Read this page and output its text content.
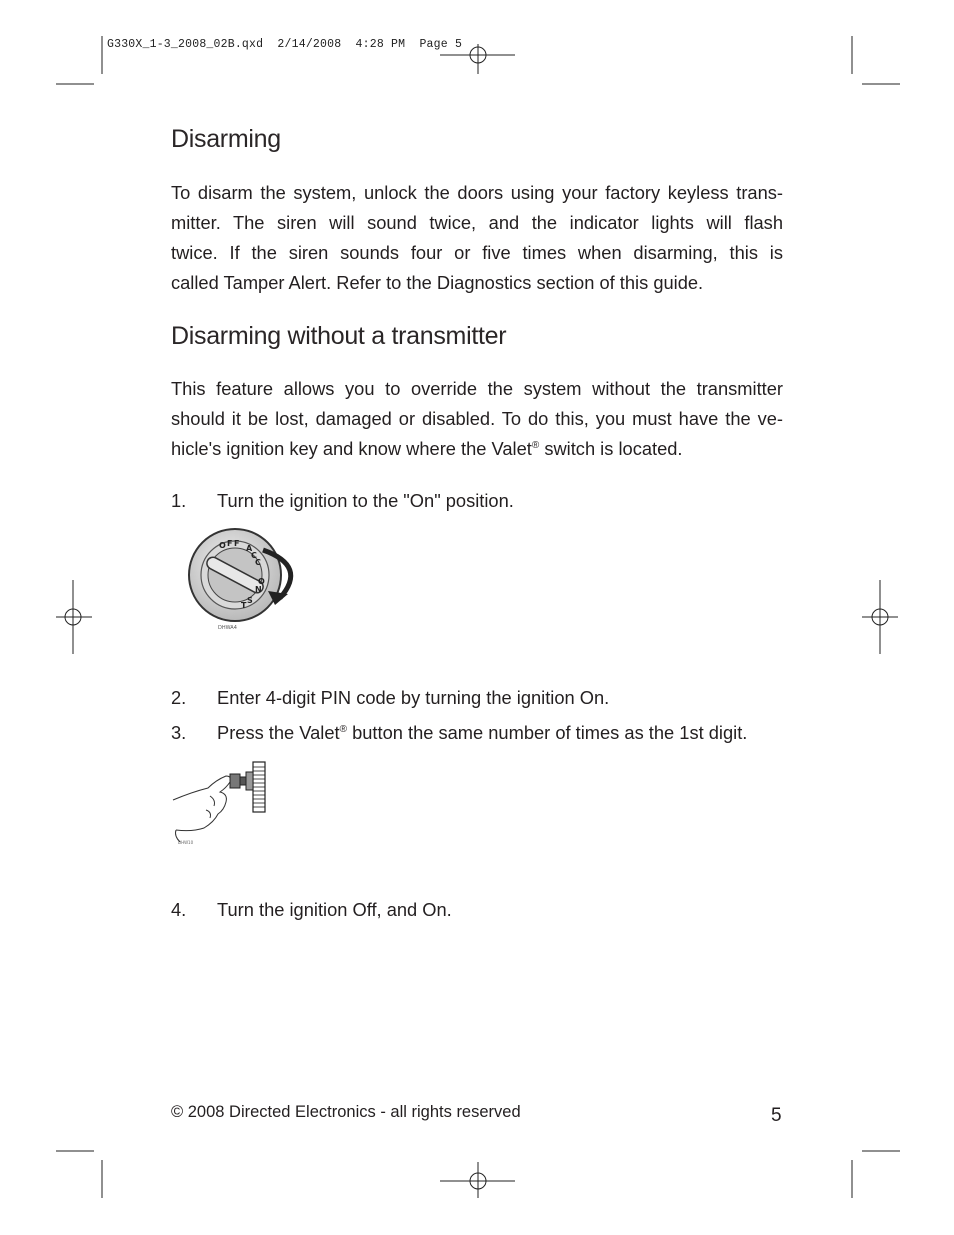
G330X_1-3_2008_02B.qxd  2/14/2008  4:28 PM  Page 5
Disarming
To disarm the system, unlock the doors using your factory keyless trans-
mitter. The siren will sound twice, and the indicator lights will flash
twice. If the siren sounds four or five times when disarming, this is
called Tamper Alert. Refer to the Diagnostics section of this guide.
Disarming without a transmitter
This feature allows you to override the system without the transmitter
should it be lost, damaged or disabled. To do this, you must have the ve-
hicle's ignition key and know where the Valet® switch is located.
1. Turn the ignition to the "On" position.
O F F
A
C
C
O
N
S
T
DHWA4
2. Enter 4-digit PIN code by turning the ignition On.
3. Press the Valet® button the same number of times as the 1st digit.
DHW10
4. Turn the ignition Off, and On.
© 2008 Directed Electronics - all rights reserved	5
